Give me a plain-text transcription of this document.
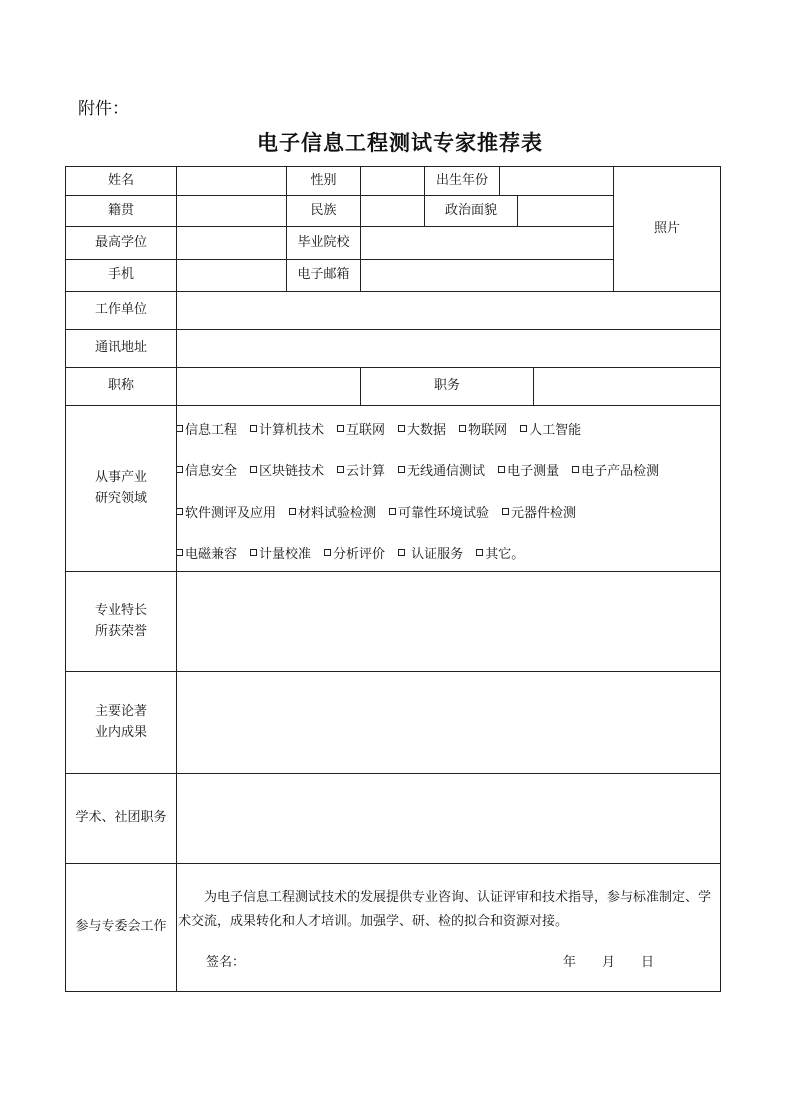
附件：
电子信息工程测试专家推荐表
姓名	性别	出生年份
照片
籍贯	民族	政治面貌
最高学位	毕业院校
手机	电子邮箱
工作单位
通讯地址
职称	职务
从事产业
研究领域
信息工程 计算机技术 互联网 大数据 物联网 人工智能
信息安全 区块链技术 云计算 无线通信测试 电子测量 电子产品检测
软件测评及应用 材料试验检测 可靠性环境试验 元器件检测
电磁兼容 计量校准 分析评价 认证服务 其它。
专业特长
所获荣誉
主要论著
业内成果
学术、社团职务
参与专委会工作
为电子信息工程测试技术的发展提供专业咨询、认证评审和技术指导，参与标准制定、学术交流，成果转化和人才培训。加强学、研、检的拟合和资源对接。
签名：	年 月 日
